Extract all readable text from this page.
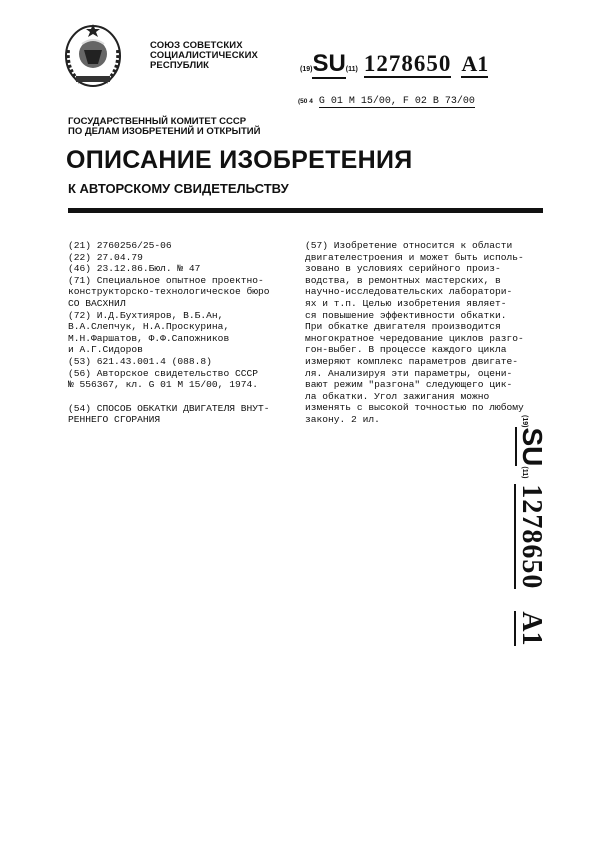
СОЮЗ СОВЕТСКИХ
СОЦИАЛИСТИЧЕСКИХ
РЕСПУБЛИК	(19)SU(11) 1278650 A1
(50 4 G 01 M 15/00, F 02 B 73/00
ГОСУДАРСТВЕННЫЙ КОМИТЕТ СССР
ПО ДЕЛАМ ИЗОБРЕТЕНИЙ И ОТКРЫТИЙ
ОПИСАНИЕ ИЗОБРЕТЕНИЯ
К АВТОРСКОМУ СВИДЕТЕЛЬСТВУ
(21) 2760256/25-06
(22) 27.04.79
(46) 23.12.86.Бюл. № 47
(71) Специальное опытное проектно-
конструкторско-технологическое бюро
СО ВАСХНИЛ
(72) И.Д.Бухтияров, В.Б.Ан,
В.А.Слепчук, Н.А.Проскурина,
М.Н.Фаршатов, Ф.Ф.Сапожников
и А.Г.Сидоров
(53) 621.43.001.4 (088.8)
(56) Авторское свидетельство СССР
№ 556367, кл. G 01 M 15/00, 1974.
(54) СПОСОБ ОБКАТКИ ДВИГАТЕЛЯ ВНУТ-
РЕННЕГО СГОРАНИЯ
(57) Изобретение относится к области
двигателестроения и может быть исполь-
зовано в условиях серийного произ-
водства, в ремонтных мастерских, в
научно-исследовательских лаборатори-
ях и т.п. Целью изобретения являет-
ся повышение эффективности обкатки.
При обкатке двигателя производится
многократное чередование циклов разго-
гон-выбег. В процессе каждого цикла
измеряют комплекс параметров двигате-
ля. Анализируя эти параметры, оцени-
вают режим "разгона" следующего цик-
ла обкатки. Угол зажигания можно
изменять с высокой точностью по любому
закону. 2 ил.	(19)SU(11)1278650A1
